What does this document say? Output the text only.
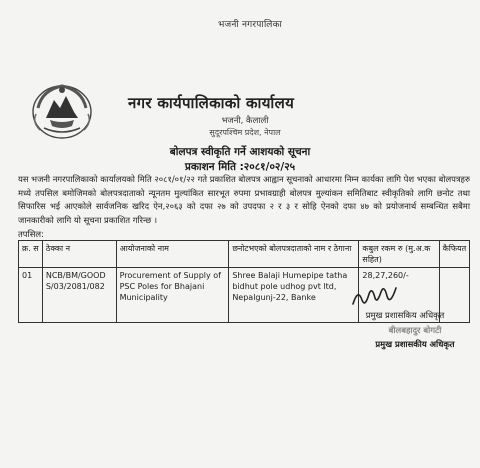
भजनी नगरपालिका
नगर कार्यपालिकाको कार्यालय
भजनी, कैलाली
सुदूरपश्चिम प्रदेश, नेपाल
बोलपत्र स्वीकृति गर्ने आशयको सूचना
प्रकाशन मिति :२०८१/०२/२५
यस भजनी नगरपालिकाको कार्यालयको मिति २०८१/०१/२२ गते प्रकाशित बोलपत्र आह्वान सूचनाको आधारमा निम्न कार्यका लागि पेश भएका बोलपत्रहरु मध्ये तपसिल बमोजिमको बोलपत्रदाताको न्यूनतम मुल्यांकित सारभूत रुपमा प्रभावग्राही बोलपत्र मुल्यांकन समितिबाट स्वीकृतिको लागि छनोट तथा सिफारिस भई आएकोले सार्वजनिक खरिद ऐन,२०६३ को दफा २७ को उपदफा २ र ३ र सोहि ऐनको दफा ४७ को प्रयोजनार्थ सम्बन्धित सबैमा जानकारीको लागि यो सूचना प्रकाशित गरिन्छ ।
तपसिल:
क्र. स	ठेक्का न	आयोजनाको नाम	छनोटभएको बोलपत्रदाताको नाम र ठेगाना	कबुल रकम रु (मु.अ.क सहित)	कैफियत
01	NCB/BM/GOODS/03/2081/082	Procurement of Supply of PSC Poles for Bhajani Municipality	Shree Balaji Humepipe tatha bidhut pole udhog pvt ltd, Nepalgunj-22, Banke	28,27,260/-	
प्रमुख प्रशासकिय अधिकृत
बीलबहादुर बोगटी
प्रमुख प्रशासकीय अधिकृत
